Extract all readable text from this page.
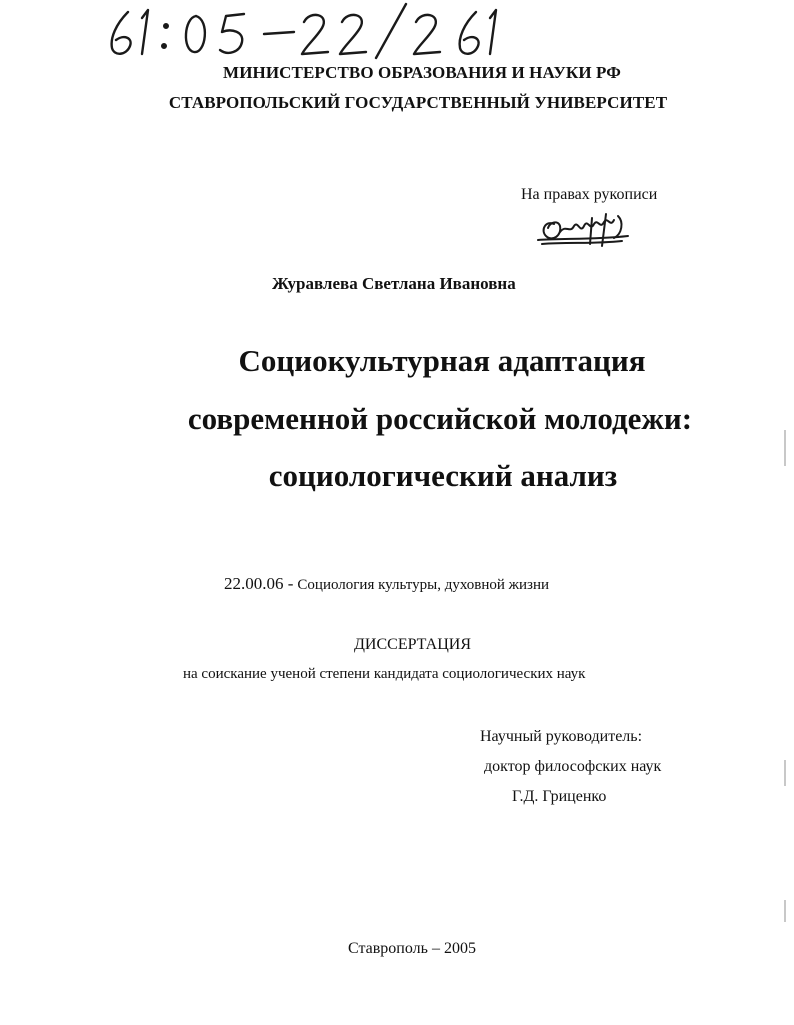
МИНИСТЕРСТВО ОБРАЗОВАНИЯ И НАУКИ РФ
СТАВРОПОЛЬСКИЙ ГОСУДАРСТВЕННЫЙ УНИВЕРСИТЕТ
На правах рукописи
Журавлева Светлана Ивановна
Социокультурная адаптация
современной российской молодежи:
социологический анализ
22.00.06 - Социология культуры, духовной жизни
ДИССЕРТАЦИЯ
на соискание ученой степени кандидата социологических наук
Научный руководитель:
доктор философских наук
Г.Д. Гриценко
Ставрополь – 2005
